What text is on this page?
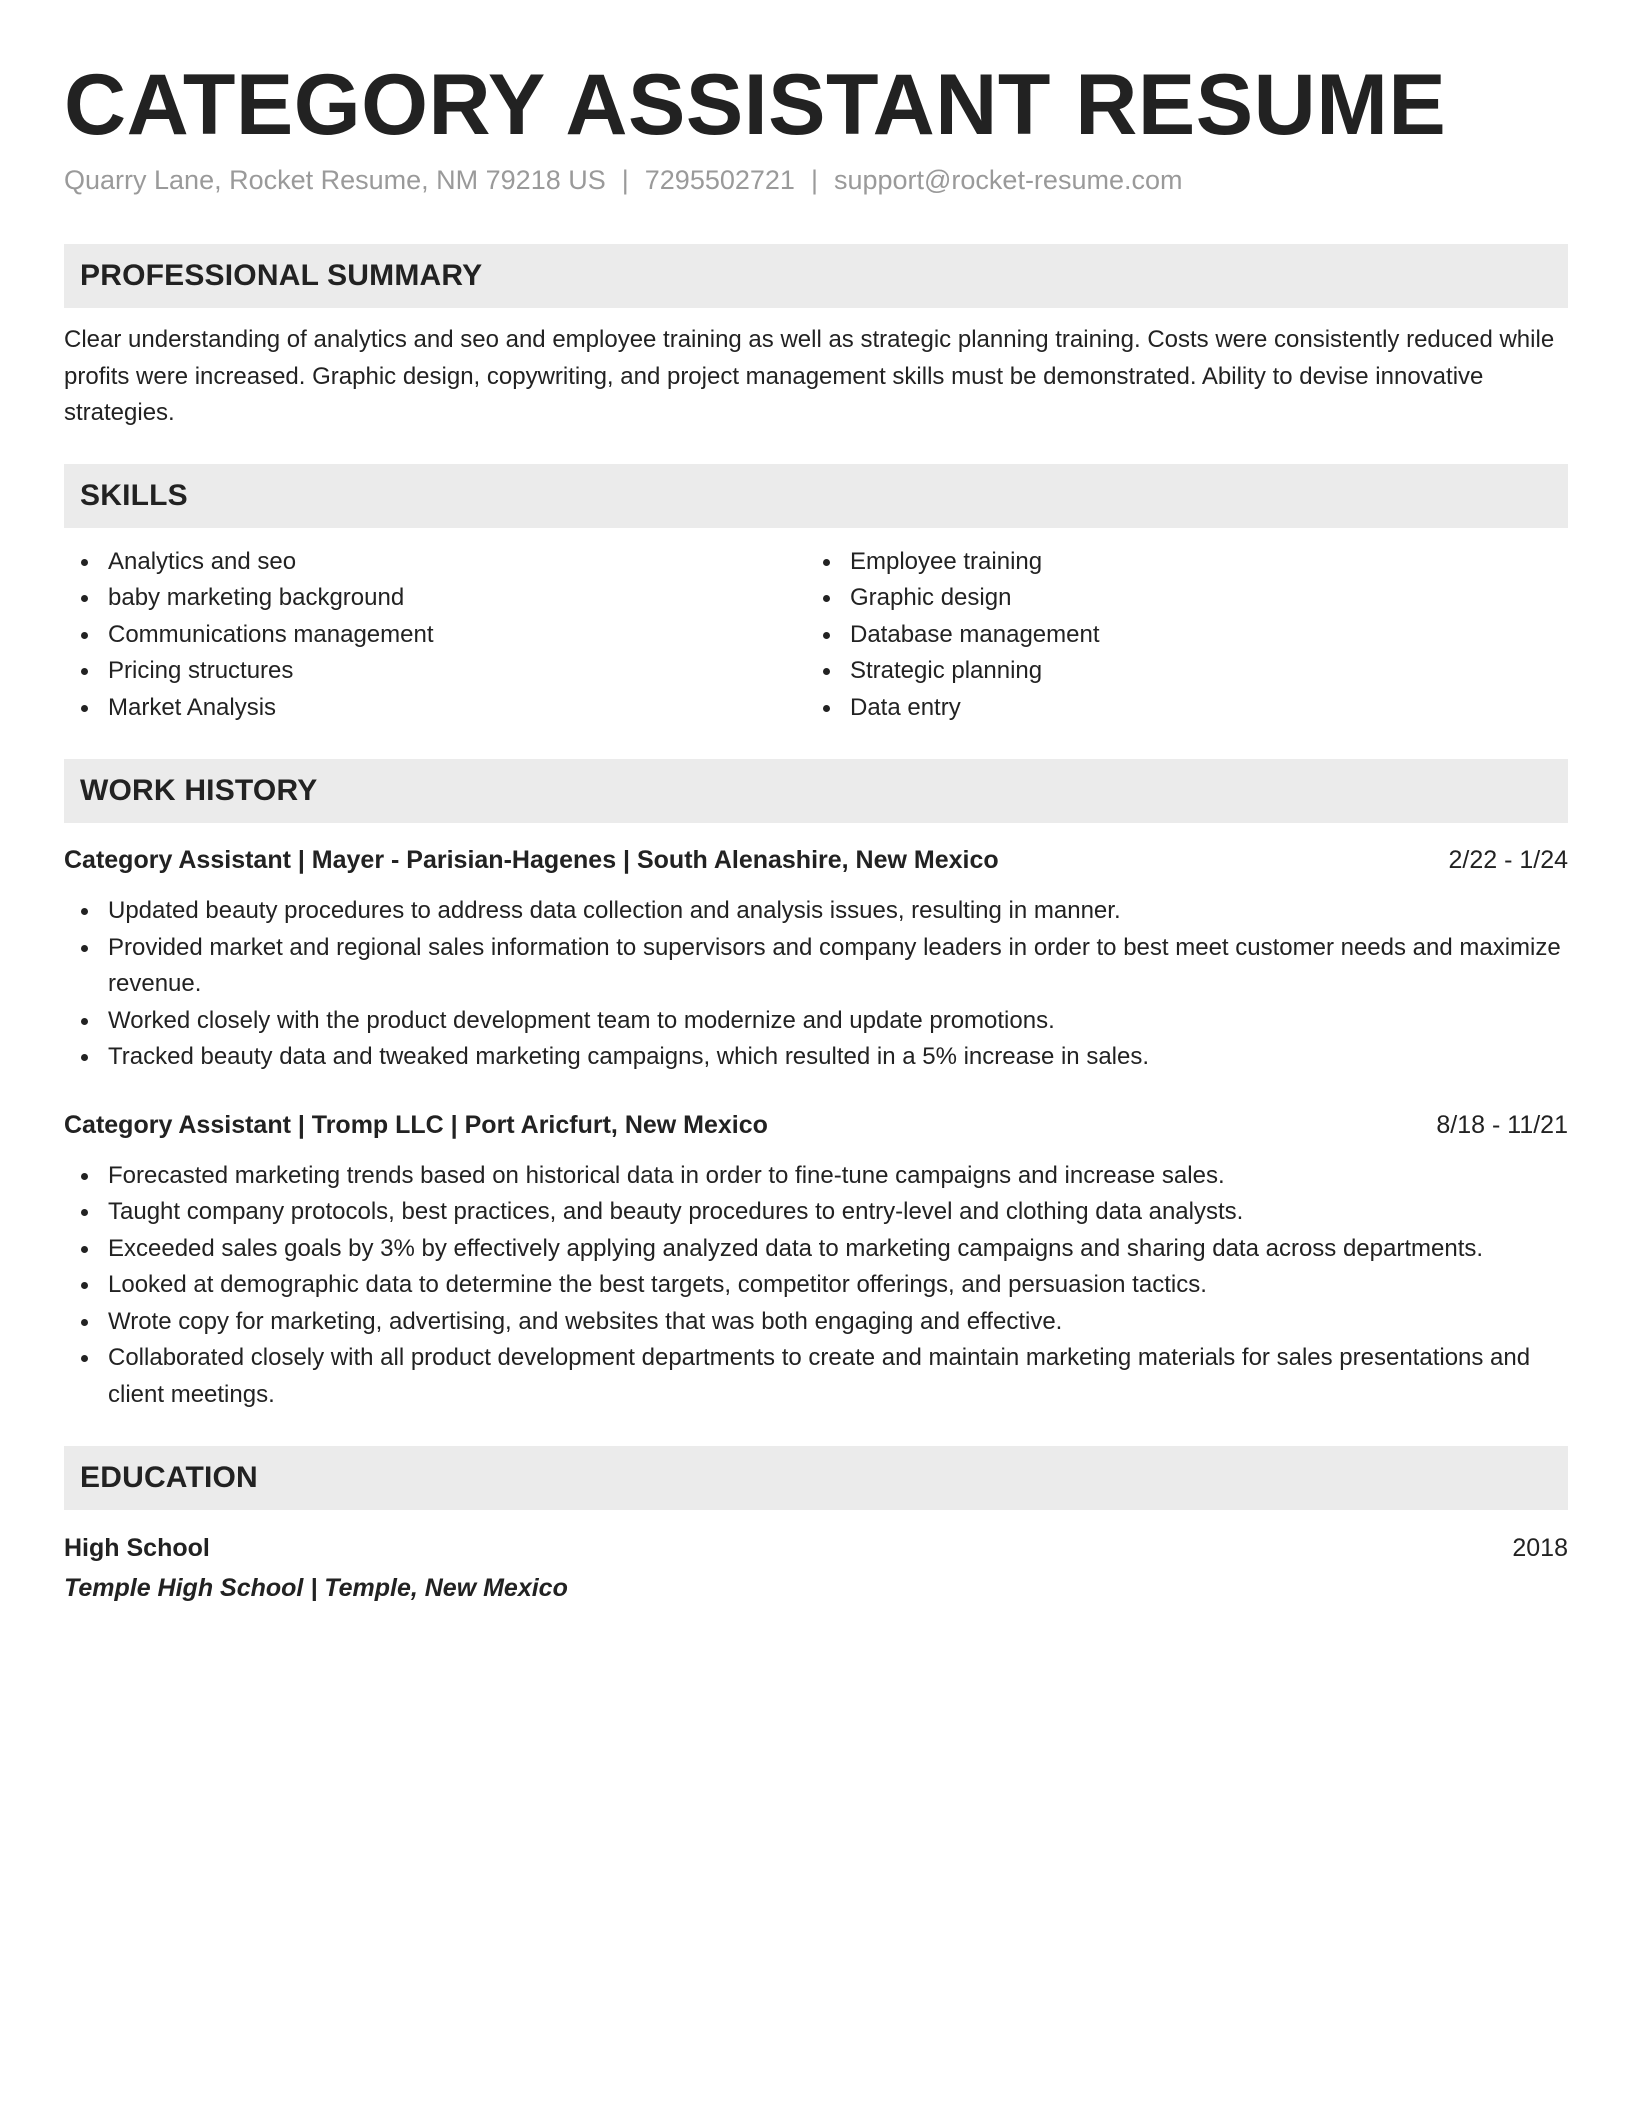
CATEGORY ASSISTANT RESUME
Quarry Lane, Rocket Resume, NM 79218 US | 7295502721 | support@rocket-resume.com
PROFESSIONAL SUMMARY
Clear understanding of analytics and seo and employee training as well as strategic planning training. Costs were consistently reduced while profits were increased. Graphic design, copywriting, and project management skills must be demonstrated. Ability to devise innovative strategies.
SKILLS
Analytics and seo
baby marketing background
Communications management
Pricing structures
Market Analysis
Employee training
Graphic design
Database management
Strategic planning
Data entry
WORK HISTORY
Category Assistant | Mayer - Parisian-Hagenes | South Alenashire, New Mexico	2/22 - 1/24
Updated beauty procedures to address data collection and analysis issues, resulting in manner.
Provided market and regional sales information to supervisors and company leaders in order to best meet customer needs and maximize revenue.
Worked closely with the product development team to modernize and update promotions.
Tracked beauty data and tweaked marketing campaigns, which resulted in a 5% increase in sales.
Category Assistant | Tromp LLC | Port Aricfurt, New Mexico	8/18 - 11/21
Forecasted marketing trends based on historical data in order to fine-tune campaigns and increase sales.
Taught company protocols, best practices, and beauty procedures to entry-level and clothing data analysts.
Exceeded sales goals by 3% by effectively applying analyzed data to marketing campaigns and sharing data across departments.
Looked at demographic data to determine the best targets, competitor offerings, and persuasion tactics.
Wrote copy for marketing, advertising, and websites that was both engaging and effective.
Collaborated closely with all product development departments to create and maintain marketing materials for sales presentations and client meetings.
EDUCATION
High School	2018
Temple High School | Temple, New Mexico
